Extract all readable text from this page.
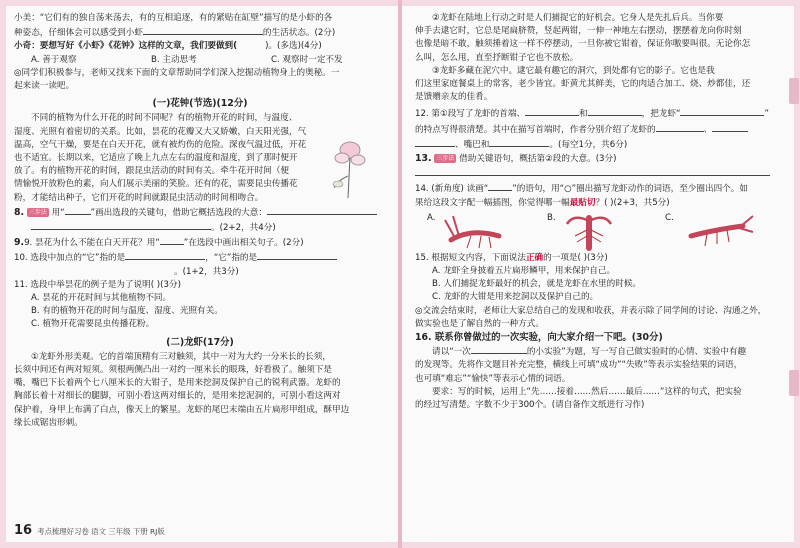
小美：“它们有的独自荡来荡去，有的互相追逐，有的紧贴在缸壁”描写的是小虾的各
种姿态，仔细体会可以感受到小虾	的生活状态。(2分)
小奇：要想写好《小虾》《花钟》这样的文章，我们要做到(	)。(多选)(4分)
A. 善于观察	B. 主动思考	C. 观察时一定不发
◎同学们积极参与，老师又找来下面的文章帮助同学们深入挖掘动植物身上的奥秘。一
起来读一读吧。
(一)花钟(节选)(12分)
不同的植物为什么开花的时间不同呢？有的植物开花的时间，与温度、
湿度、光照有着密切的关系。比如，昙花的花瓣又大又娇嫩，白天阳光强，气
温高，空气干燥，要是在白天开花，就有被灼伤的危险。深夜气温过低，开花
也不适宜。长期以来，它适应了晚上九点左右的温度和湿度，到了那时便开
放了。有的植物开花的时间，跟昆虫活动的时间有关。牵牛花开时间（便
情愉悦开放粉色的素，向人们展示美丽的笑脸。还有的花，需要昆虫传播花
粉，才能结出种子，它们开花的时间就跟昆虫活动的时间相吻合。
8. 三步法 用“	”画出选段的关键句，借助它概括选段的大意：
。(2+2，共4分)
9.9. 昙花为什么不能在白天开花？用“	”在选段中画出相关句子。(2分)
10. 选段中加点的“它”指的是	，“它”指的是
。(1+2，共3分)
11. 选段中举昙花的例子是为了说明( )(3分)
A. 昙花的开花时间与其他植物不同。
B. 有的植物开花的时间与温度、湿度、光照有关。
C. 植物开花需要昆虫传播花粉。
(二)龙虾(17分)
①龙虾外形美观。它的首端顶精有三对触须，其中一对为大约一分米长的长须，
长须中间还有两对短须。须根两侧凸出一对约一厘米长的眼珠，好看极了。触须下是
嘴，嘴巴下长着两个七八厘米长的大钳子，是用来挖洞及保护自己的锐利武器。龙虾的
胸部长着十对细长的腿脚，可别小看这两对细长的，是用来挖泥洞的，可别小看这两对
保护着，身甲上布满了白点，像天上的繁星。龙虾的尾巴末端由五片扁形甲组成，酥甲边
缘长成锯齿形刺。
16 考点梳理好习卷 语文 三年级 下册 RJ版
②龙虾在陆地上行动之时是人们捕捉它的好机会。它身人是先扎后兵。当你要
伸手去逮它时，它总是尾扁脐赞，竖起两钳，一伸一神地左右摆动，摆摆着龙向你时刻
也像是暗不敢，触须捶着这一样不停摆动，一旦你被它钳着，保证你嗷要叫很。无论你怎
么叫，怎么甩，直至抒断钳子它也不放松。
③龙虾多藏在泥穴中。逮它最有趣它的洞穴，到处都有它的影子。它也是我
们这里家庭餐桌上的常客，老少皆宜。虾黄尤其鲜美，它的肉适合加工、烧、炒都佳，还
是馈赠亲友的佳肴。
12. 第①段写了龙虾的首端、	和	，把龙虾“	”
的特点写得很清楚。其中在描写首端时，作者分别介绍了龙虾的	、
、嘴巴和	。(每空1分，共6分)
13. 三步法 借助关键语句，概括第②段的大意。(3分)
14. (新角度) 读画“	”的语句，用“○”圈出描写龙虾动作的词语，至少圈出四个。如
果给这段文字配一幅插图，你觉得哪一幅最贴切？( )(2+3，共5分)
A.	B.	C.
15. 根据短文内容，下面说法正确的一项是( )(3分)
A. 龙虾全身披着五片扁形鳞甲，用来保护自己。
B. 人们捕捉龙虾最好的机会，就是龙虾在水里的时候。
C. 龙虾的大钳是用来挖洞以及保护自己的。
◎交流会结束时，老师让大家总结自己的发现和收获，并表示除了同学间的讨论、沟通之外，
做实验也是了解自然的一种方式。
16. 联系你曾做过的一次实验，向大家介绍一下吧。(30分)
请以“一次	的小实验”为题，写一写自己做实验时的心情、实验中有趣
的发现等。先将作文题目补充完整，横线上可填“成功”“失败”等表示实验结果的词语，
也可填“难忘”“愉快”等表示心情的词语。
要求：写的时候，运用上“先……接着……然后……最后……”这样的句式，把实验
的经过写清楚。字数不少于300个。(请自备作文纸进行习作)
